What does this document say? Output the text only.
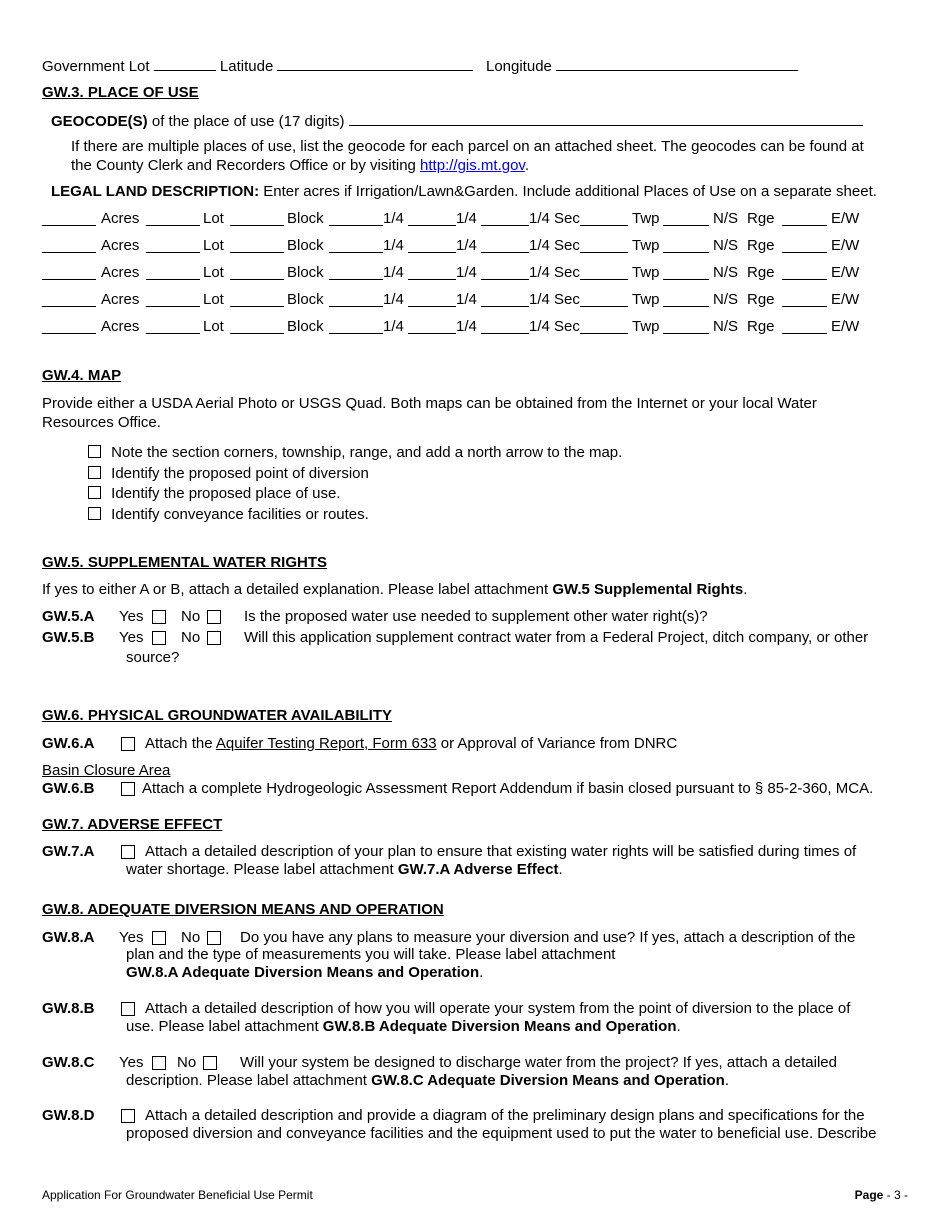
Government Lot	Latitude	Longitude
GW.3. PLACE OF USE
GEOCODE(S) of the place of use (17 digits)
If there are multiple places of use, list the geocode for each parcel on an attached sheet. The geocodes can be found at
the County Clerk and Recorders Office or by visiting http://gis.mt.gov.
LEGAL LAND DESCRIPTION: Enter acres if Irrigation/Lawn&Garden. Include additional Places of Use on a separate sheet.
Acres	Lot	Block	1/4	1/4	1/4 Sec	Twp	N/S Rge	E/W
Acres	Lot	Block	1/4	1/4	1/4 Sec	Twp	N/S Rge	E/W
Acres	Lot	Block	1/4	1/4	1/4 Sec	Twp	N/S Rge	E/W
Acres	Lot	Block	1/4	1/4	1/4 Sec	Twp	N/S Rge	E/W
Acres	Lot	Block	1/4	1/4	1/4 Sec	Twp	N/S Rge	E/W
GW.4. MAP
Provide either a USDA Aerial Photo or USGS Quad. Both maps can be obtained from the Internet or your local Water
Resources Office.
Note the section corners, township, range, and add a north arrow to the map.
Identify the proposed point of diversion
Identify the proposed place of use.
Identify conveyance facilities or routes.
GW.5. SUPPLEMENTAL WATER RIGHTS
If yes to either A or B, attach a detailed explanation. Please label attachment GW.5 Supplemental Rights.
GW.5.A Yes	No	Is the proposed water use needed to supplement other water right(s)?
GW.5.B Yes	No	Will this application supplement contract water from a Federal Project, ditch company, or other
source?
GW.6. PHYSICAL GROUNDWATER AVAILABILITY
GW.6.A	Attach the Aquifer Testing Report, Form 633 or Approval of Variance from DNRC
Basin Closure Area
GW.6.B	Attach a complete Hydrogeologic Assessment Report Addendum if basin closed pursuant to § 85-2-360, MCA.
GW.7. ADVERSE EFFECT
GW.7.A	Attach a detailed description of your plan to ensure that existing water rights will be satisfied during times of
water shortage. Please label attachment GW.7.A Adverse Effect.
GW.8. ADEQUATE DIVERSION MEANS AND OPERATION
GW.8.A Yes	No	Do you have any plans to measure your diversion and use? If yes, attach a description of the
plan and the type of measurements you will take. Please label attachment
GW.8.A Adequate Diversion Means and Operation.
GW.8.B	Attach a detailed description of how you will operate your system from the point of diversion to the place of
use. Please label attachment GW.8.B Adequate Diversion Means and Operation.
GW.8.C Yes No	Will your system be designed to discharge water from the project? If yes, attach a detailed
description. Please label attachment GW.8.C Adequate Diversion Means and Operation.
GW.8.D	Attach a detailed description and provide a diagram of the preliminary design plans and specifications for the
proposed diversion and conveyance facilities and the equipment used to put the water to beneficial use. Describe
Application For Groundwater Beneficial Use Permit	Page - 3 -
